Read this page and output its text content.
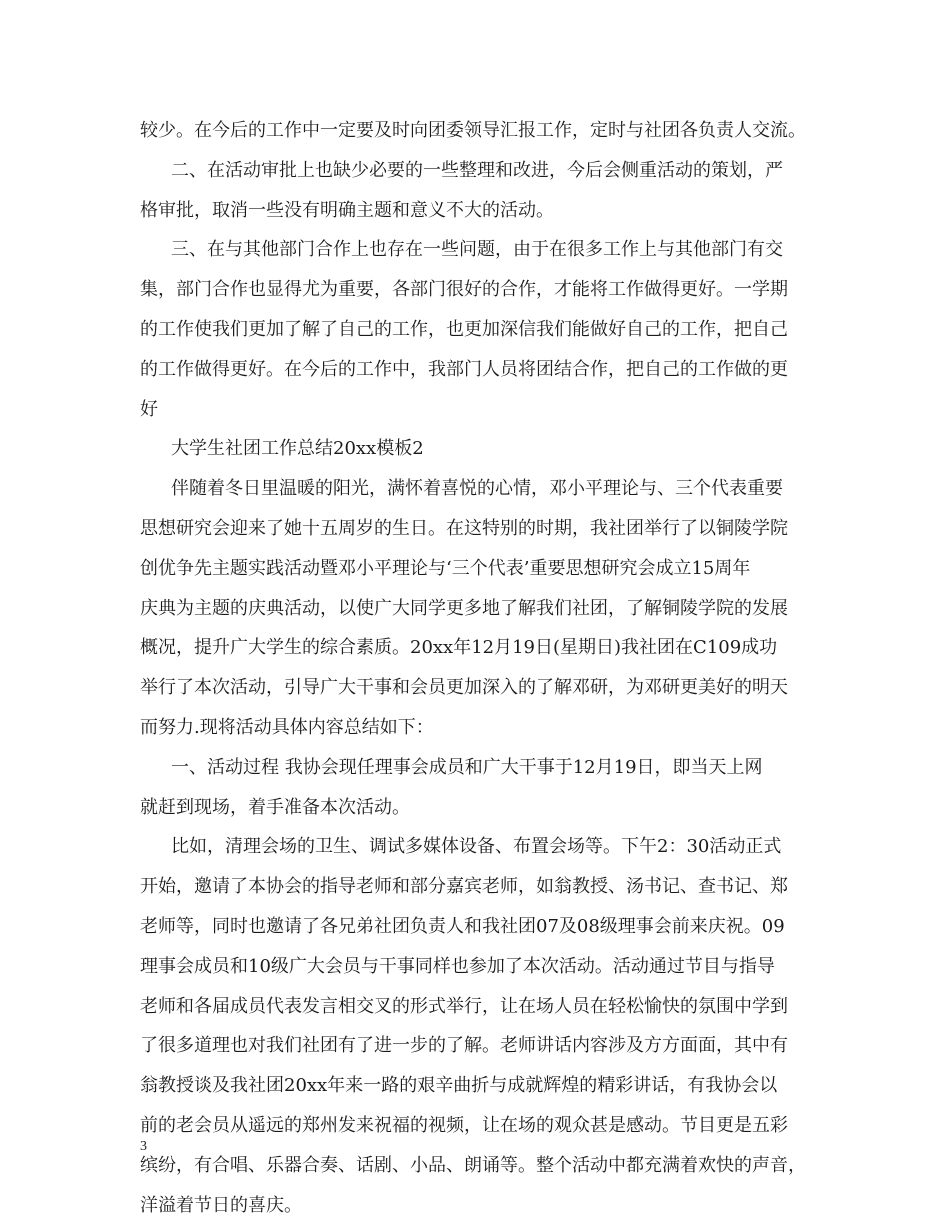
较少。在今后的工作中一定要及时向团委领导汇报工作，定时与社团各负责人交流。
二、在活动审批上也缺少必要的一些整理和改进，今后会侧重活动的策划，严
格审批，取消一些没有明确主题和意义不大的活动。
三、在与其他部门合作上也存在一些问题，由于在很多工作上与其他部门有交
集，部门合作也显得尤为重要，各部门很好的合作，才能将工作做得更好。一学期
的工作使我们更加了解了自己的工作，也更加深信我们能做好自己的工作，把自己
的工作做得更好。在今后的工作中，我部门人员将团结合作，把自己的工作做的更
好
大学生社团工作总结20xx模板2
伴随着冬日里温暖的阳光，满怀着喜悦的心情，邓小平理论与、三个代表重要
思想研究会迎来了她十五周岁的生日。在这特别的时期，我社团举行了以铜陵学院
创优争先主题实践活动暨邓小平理论与‘三个代表’重要思想研究会成立15周年
庆典为主题的庆典活动，以使广大同学更多地了解我们社团，了解铜陵学院的发展
概况，提升广大学生的综合素质。20xx年12月19日(星期日)我社团在C109成功
举行了本次活动，引导广大干事和会员更加深入的了解邓研，为邓研更美好的明天
而努力.现将活动具体内容总结如下：
一、活动过程 我协会现任理事会成员和广大干事于12月19日，即当天上网
就赶到现场，着手准备本次活动。
比如，清理会场的卫生、调试多媒体设备、布置会场等。下午2：30活动正式
开始，邀请了本协会的指导老师和部分嘉宾老师，如翁教授、汤书记、查书记、郑
老师等，同时也邀请了各兄弟社团负责人和我社团07及08级理事会前来庆祝。09
理事会成员和10级广大会员与干事同样也参加了本次活动。活动通过节目与指导
老师和各届成员代表发言相交叉的形式举行，让在场人员在轻松愉快的氛围中学到
了很多道理也对我们社团有了进一步的了解。老师讲话内容涉及方方面面，其中有
翁教授谈及我社团20xx年来一路的艰辛曲折与成就辉煌的精彩讲话，有我协会以
前的老会员从遥远的郑州发来祝福的视频，让在场的观众甚是感动。节目更是五彩
缤纷，有合唱、乐器合奏、话剧、小品、朗诵等。整个活动中都充满着欢快的声音，
洋溢着节日的喜庆。
3
